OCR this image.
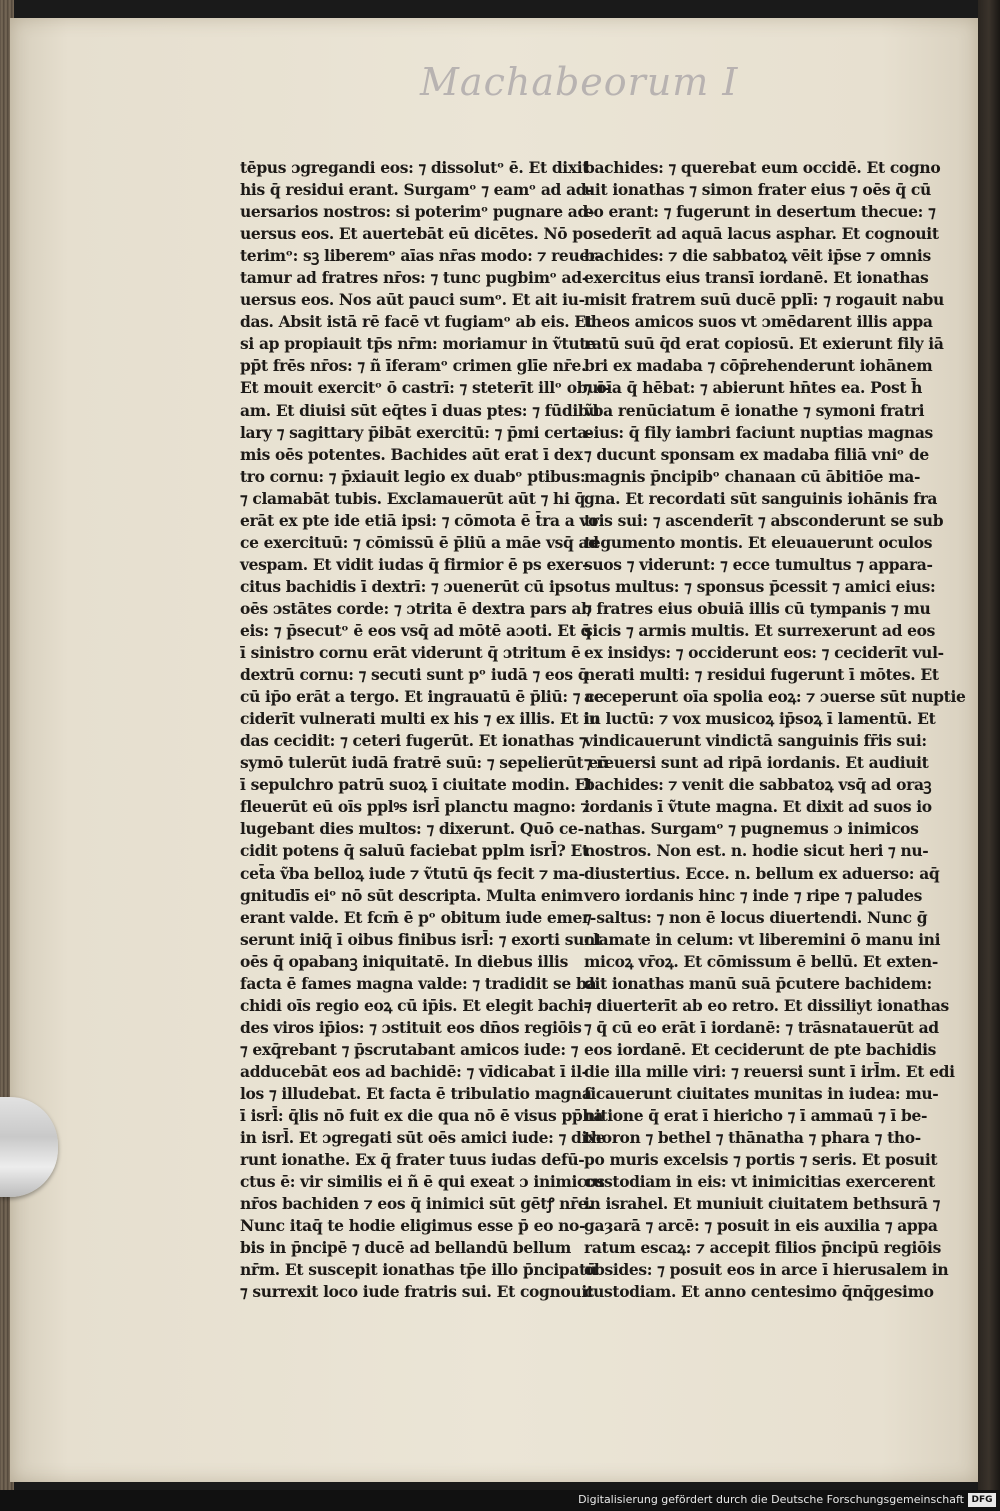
Machabeorum I
tēpus ɔgregandi eos: ⁊ dissolutᵒ ē. Et dixit
his q̄ residui erant. Surgamᵒ ⁊ eamᵒ ad ad-
uersarios nostros: si poterimᵒ pugnare ad-
uersus eos. Et auertebāt eū dicētes. Nō po
terimᵒ: sꝫ liberemᵒ aīas nr̄as modo: ⁊ reuer-
tamur ad fratres nr̄os: ⁊ tunc pugbimᵒ ad-
uersus eos. Nos aūt pauci sumᵒ. Et ait iu-
das. Absit istā rē facē vt fugiamᵒ ab eis. Et
si ap propiauit tp̄s nr̄m: moriamur in ṽtute
pp̄t frēs nr̄os: ⁊ ñ īferamᵒ crimen glīe nr̄e.
Et mouit exercitᵒ ō castrī: ⁊ steterīt illᵒ obuī-
am. Et diuisi sūt eq̄tes ī duas ptes: ⁊ fūdibu
lary ⁊ sagittary p̄ibāt exercitū: ⁊ p̄mi certa-
mis oēs potentes. Bachides aūt erat ī dex
tro cornu: ⁊ p̄xiauit legio ex duabᵒ ptibus:
⁊ clamabāt tubis. Exclamauerūt aūt ⁊ hi q̄
erāt ex pte ide etiā ipsi: ⁊ cōmota ē t̄ra a vo
ce exercituū: ⁊ cōmissū ē p̄liū a māe vsq̄ ad
vespam. Et vidit iudas q̄ firmior ē ps exer-
citus bachidis ī dextrī: ⁊ ɔuenerūt cū ipso
oēs ɔstātes corde: ⁊ ɔtrita ē dextra pars ab
eis: ⁊ p̄secutᵒ ē eos vsq̄ ad mōtē aɔoti. Et q̄
ī sinistro cornu erāt viderunt q̄ ɔtritum ē
dextrū cornu: ⁊ secuti sunt pᵒ iudā ⁊ eos q̄
cū ip̄o erāt a tergo. Et ingrauatū ē p̄liū: ⁊ ce
ciderīt vulnerati multi ex his ⁊ ex illis. Et iu
das cecidit: ⁊ ceteri fugerūt. Et ionathas ⁊
symō tulerūt iudā fratrē suū: ⁊ sepelierūt eū
ī sepulchro patrū suoꝝ ī ciuitate modin. Et
fleuerūt eū oīs pplꝰs isrl̄ planctu magno: ⁊
lugebant dies multos: ⁊ dixerunt. Quō ce-
cidit potens q̄ saluū faciebat pplm isrl̄? Et
cet̄a ṽba belloꝝ iude ⁊ ṽtutū q̄s fecit ⁊ ma-
gnitudīs eiᵒ nō sūt descripta. Multa enim
erant valde. Et fcm̄ ē pᵒ obitum iude emer-
serunt iniq̄ ī oibus finibus isrl̄: ⁊ exorti sunt
oēs q̄ opabanꝫ iniquitatē. In diebus illis
facta ē fames magna valde: ⁊ tradidit se ba
chidi oīs regio eoꝝ cū ip̄is. Et elegit bachi-
des viros ip̄ios: ⁊ ɔstituit eos dn̄os regiōis
⁊ exq̄rebant ⁊ p̄scrutabant amicos iude: ⁊
adducebāt eos ad bachidē: ⁊ vīdicabat ī il-
los ⁊ illudebat. Et facta ē tribulatio magna
ī isrl̄: q̄lis nō fuit ex die qua nō ē visus pp̄ha
in isrl̄. Et ɔgregati sūt oēs amici iude: ⁊ dixe
runt ionathe. Ex q̄ frater tuus iudas defū-
ctus ē: vir similis ei ñ ē qui exeat ɔ inimicos
nr̄os bachiden ⁊ eos q̄ inimici sūt gētꝭ nr̄e.
Nunc itaq̄ te hodie eligimus esse p̄ eo no-
bis in p̄ncipē ⁊ ducē ad bellandū bellum
nr̄m. Et suscepit ionathas tp̄e illo p̄ncipatū
⁊ surrexit loco iude fratris sui. Et cognouit
bachides: ⁊ querebat eum occidē. Et cogno
uit ionathas ⁊ simon frater eius ⁊ oēs q̄ cū
eo erant: ⁊ fugerunt in desertum thecue: ⁊
ɔsederīt ad aquā lacus asphar. Et cognouit
bachides: ⁊ die sabbatoꝝ vēit ip̄se ⁊ omnis
exercitus eius transī iordanē. Et ionathas
misit fratrem suū ducē pplī: ⁊ rogauit nabu
theos amicos suos vt ɔmēdarent illis appa
ratū suū q̄d erat copiosū. Et exierunt fily iā
bri ex madaba ⁊ cōp̄rehenderunt iohānem
⁊ oīa q̄ hēbat: ⁊ abierunt hn̄tes ea. Post h̄
ṽba renūciatum ē ionathe ⁊ symoni fratri
eius: q̄ fily iambri faciunt nuptias magnas
⁊ ducunt sponsam ex madaba filiā vniᵒ de
magnis p̄ncipibᵒ chanaan cū ābitiōe ma-
gna. Et recordati sūt sanguinis iohānis fra
tris sui: ⁊ ascenderīt ⁊ absconderunt se sub
tegumento montis. Et eleuauerunt oculos
suos ⁊ viderunt: ⁊ ecce tumultus ⁊ appara-
tus multus: ⁊ sponsus p̄cessit ⁊ amici eius:
⁊ fratres eius obuiā illis cū tympanis ⁊ mu
sicis ⁊ armis multis. Et surrexerunt ad eos
ex insidys: ⁊ occiderunt eos: ⁊ ceciderīt vul-
nerati multi: ⁊ residui fugerunt ī mōtes. Et
acceperunt oīa spolia eoꝝ: ⁊ ɔuerse sūt nuptie
in luctū: ⁊ vox musicoꝝ ip̄soꝝ ī lamentū. Et
vindicauerunt vindictā sanguinis fr̄is sui:
⁊ reuersi sunt ad ripā iordanis. Et audiuit
bachides: ⁊ venit die sabbatoꝝ vsq̄ ad oraꝫ
iordanis ī ṽtute magna. Et dixit ad suos io
nathas. Surgamᵒ ⁊ pugnemus ɔ inimicos
nostros. Non est. n. hodie sicut heri ⁊ nu-
diustertius. Ecce. n. bellum ex aduerso: aq̄
vero iordanis hinc ⁊ inde ⁊ ripe ⁊ paludes
⁊ saltus: ⁊ non ē locus diuertendi. Nunc ḡ
clamate in celum: vt liberemini ō manu ini
micoꝝ vr̄oꝝ. Et cōmissum ē bellū. Et exten-
dit ionathas manū suā p̄cutere bachidem:
⁊ diuerterīt ab eo retro. Et dissiliyt ionathas
⁊ q̄ cū eo erāt ī iordanē: ⁊ trāsnatauerūt ad
eos iordanē. Et ceciderunt de pte bachidis
die illa mille viri: ⁊ reuersi sunt ī irl̄m. Et edi
ficauerunt ciuitates munitas in iudea: mu-
nitione q̄ erat ī hiericho ⁊ ī ammaū ⁊ ī be-
thoron ⁊ bethel ⁊ thānatha ⁊ phara ⁊ tho-
po muris excelsis ⁊ portis ⁊ seris. Et posuit
custodiam in eis: vt inimicitias exercerent
in israhel. Et muniuit ciuitatem bethsurā ⁊
gaȝarā ⁊ arcē: ⁊ posuit in eis auxilia ⁊ appa
ratum escaꝝ: ⁊ accepit filios p̄ncipū regiōis
obsides: ⁊ posuit eos in arce ī hierusalem in
custodiam. Et anno centesimo q̄nq̄gesimo
Digitalisierung gefördert durch die Deutsche Forschungsgemeinschaft DFG
